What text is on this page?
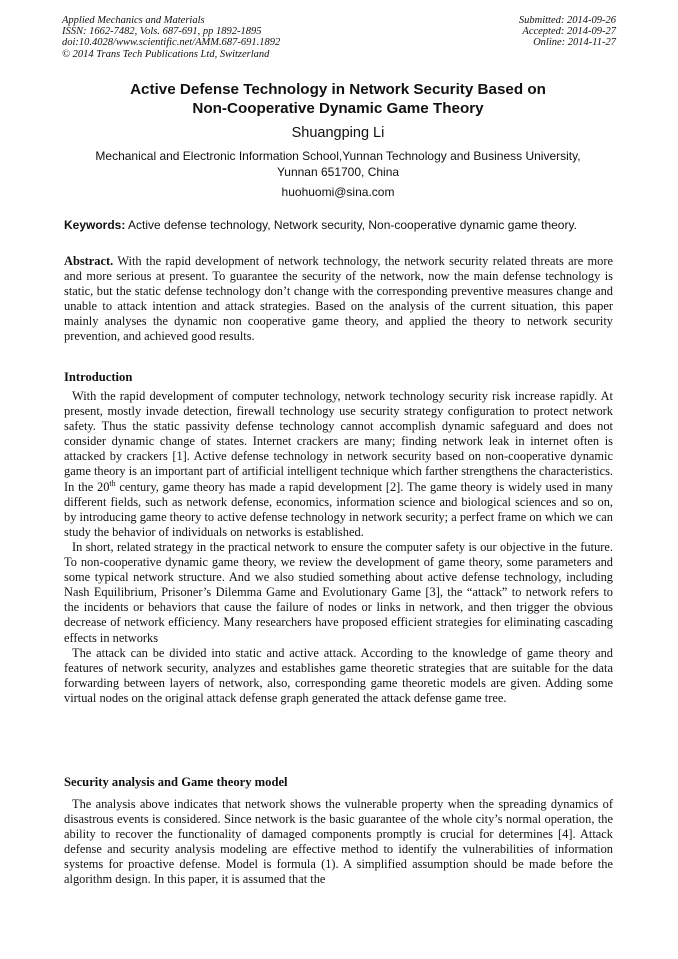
Applied Mechanics and Materials
ISSN: 1662-7482, Vols. 687-691, pp 1892-1895
doi:10.4028/www.scientific.net/AMM.687-691.1892
© 2014 Trans Tech Publications Ltd, Switzerland
Submitted: 2014-09-26
Accepted: 2014-09-27
Online: 2014-11-27
Active Defense Technology in Network Security Based on
Non-Cooperative Dynamic Game Theory
Shuangping Li
Mechanical and Electronic Information School,Yunnan Technology and Business University,
Yunnan 651700, China
huohuomi@sina.com
Keywords: Active defense technology, Network security, Non-cooperative dynamic game theory.
Abstract. With the rapid development of network technology, the network security related threats are more and more serious at present. To guarantee the security of the network, now the main defense technology is static, but the static defense technology don’t change with the corresponding preventive measures change and unable to attack intention and attack strategies. Based on the analysis of the current situation, this paper mainly analyses the dynamic non cooperative game theory, and applied the theory to network security prevention, and achieved good results.
Introduction

With the rapid development of computer technology, network technology security risk increase rapidly. At present, mostly invade detection, firewall technology use security strategy configuration to protect network safety. Thus the static passivity defense technology cannot accomplish dynamic safeguard and does not consider dynamic change of states. Internet crackers are many; finding network leak in internet often is attacked by crackers [1]. Active defense technology in network security based on non-cooperative dynamic game theory is an important part of artificial intelligent technique which farther strengthens the characteristics. In the 20th century, game theory has made a rapid development [2]. The game theory is widely used in many different fields, such as network defense, economics, information science and biological sciences and so on, by introducing game theory to active defense technology in network security; a perfect frame on which we can study the behavior of individuals on networks is established.

In short, related strategy in the practical network to ensure the computer safety is our objective in the future. To non-cooperative dynamic game theory, we review the development of game theory, some parameters and some typical network structure. And we also studied something about active defense technology, including Nash Equilibrium, Prisoner’s Dilemma Game and Evolutionary Game [3], the “attack” to network refers to the incidents or behaviors that cause the failure of nodes or links in network, and then trigger the obvious decrease of network efficiency. Many researchers have proposed efficient strategies for eliminating cascading effects in networks

The attack can be divided into static and active attack. According to the knowledge of game theory and features of network security, analyzes and establishes game theoretic strategies that are suitable for the data forwarding between layers of network, also, corresponding game theoretic models are given. Adding some virtual nodes on the original attack defense graph generated the attack defense game tree.

Security analysis and Game theory model

The analysis above indicates that network shows the vulnerable property when the spreading dynamics of disastrous events is considered. Since network is the basic guarantee of the whole city’s normal operation, the ability to recover the functionality of damaged components promptly is crucial for determines [4]. Attack defense and security analysis modeling are effective method to identify the vulnerabilities of information systems for proactive defense. Model is formula (1). A simplified assumption should be made before the algorithm design. In this paper, it is assumed that the
